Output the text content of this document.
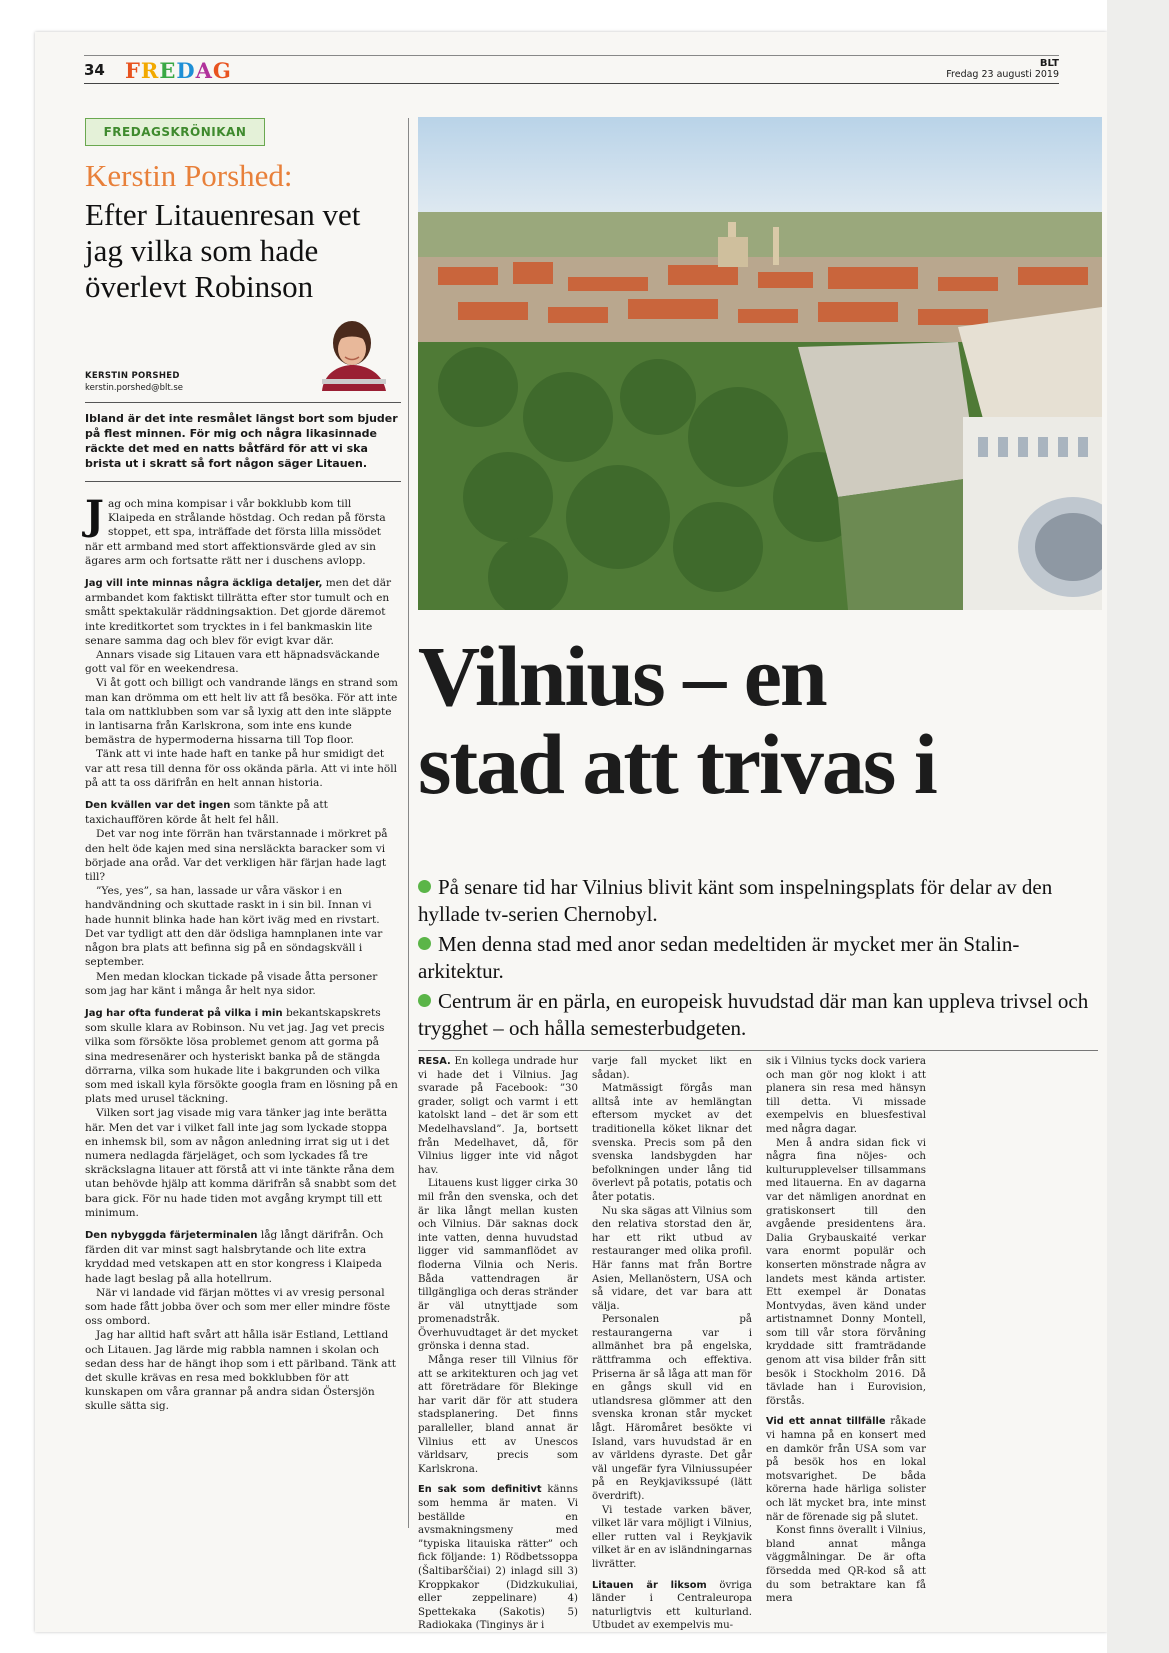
34 FREDAG	BLT
Fredag 23 augusti 2019
FREDAGSKRÖNIKAN
Kerstin Porshed:
Efter Litauenresan vet jag vilka som hade överlevt Robinson
KERSTIN PORSHED
kerstin.porshed@blt.se
Ibland är det inte resmålet längst bort som bjuder på flest minnen. För mig och några likasinnade räckte det med en natts båtfärd för att vi ska brista ut i skratt så fort någon säger Litauen.

Jag och mina kompisar i vår bokklubb kom till Klaipeda en strålande höstdag. Och redan på första stoppet, ett spa, inträffade det första lilla missödet när ett armband med stort affektionsvärde gled av sin ägares arm och fortsatte rätt ner i duschens avlopp.

Jag vill inte minnas några äckliga detaljer, men det där armbandet kom faktiskt tillrätta efter stor tumult och en smått spektakulär räddningsaktion. Det gjorde däremot inte kreditkortet som trycktes in i fel bankmaskin lite senare samma dag och blev för evigt kvar där.

Annars visade sig Litauen vara ett häpnadsväckande gott val för en weekendresa.

Vi åt gott och billigt och vandrande längs en strand som man kan drömma om ett helt liv att få besöka. För att inte tala om nattklubben som var så lyxig att den inte släppte in lantisarna från Karlskrona, som inte ens kunde bemästra de hypermoderna hissarna till Top floor.

Tänk att vi inte hade haft en tanke på hur smidigt det var att resa till denna för oss okända pärla. Att vi inte höll på att ta oss därifrån en helt annan historia.

Den kvällen var det ingen som tänkte på att taxichauffören körde åt helt fel håll.

Det var nog inte förrän han tvärstannade i mörkret på den helt öde kajen med sina nersläckta baracker som vi började ana oråd. Var det verkligen här färjan hade lagt till?

”Yes, yes”, sa han, lassade ur våra väskor i en handvändning och skuttade raskt in i sin bil. Innan vi hade hunnit blinka hade han kört iväg med en rivstart. Det var tydligt att den där ödsliga hamnplanen inte var någon bra plats att befinna sig på en söndagskväll i september.

Men medan klockan tickade på visade åtta personer som jag har känt i många år helt nya sidor.

Jag har ofta funderat på vilka i min bekantskapskrets som skulle klara av Robinson. Nu vet jag. Jag vet precis vilka som försökte lösa problemet genom att gorma på sina medresenärer och hysteriskt banka på de stängda dörrarna, vilka som hukade lite i bakgrunden och vilka som med iskall kyla försökte googla fram en lösning på en plats med urusel täckning.

Vilken sort jag visade mig vara tänker jag inte berätta här. Men det var i vilket fall inte jag som lyckade stoppa en inhemsk bil, som av någon anledning irrat sig ut i det numera nedlagda färjeläget, och som lyckades få tre skräckslagna litauer att förstå att vi inte tänkte råna dem utan behövde hjälp att komma därifrån så snabbt som det bara gick. För nu hade tiden mot avgång krympt till ett minimum.

Den nybyggda färjeterminalen låg långt därifrån. Och färden dit var minst sagt halsbrytande och lite extra kryddad med vetskapen att en stor kongress i Klaipeda hade lagt beslag på alla hotellrum.

När vi landade vid färjan möttes vi av vresig personal som hade fått jobba över och som mer eller mindre föste oss ombord.

Jag har alltid haft svårt att hålla isär Estland, Lettland och Litauen. Jag lärde mig rabbla namnen i skolan och sedan dess har de hängt ihop som i ett pärlband. Tänk att det skulle krävas en resa med bokklubben för att kunskapen om våra grannar på andra sidan Östersjön skulle sätta sig.

Vilnius – en
stad att trivas i
På senare tid har Vilnius blivit känt som inspelningsplats för delar av den hyllade tv-serien Chernobyl.
Men denna stad med anor sedan medeltiden är mycket mer än Stalin-arkitektur.
Centrum är en pärla, en europeisk huvudstad där man kan uppleva trivsel och trygghet – och hålla semesterbudgeten.

RESA. En kollega undrade hur vi hade det i Vilnius. Jag svarade på Facebook: ”30 grader, soligt och varmt i ett katolskt land – det är som ett Medelhavsland”. Ja, bortsett från Medelhavet, då, för Vilnius ligger inte vid något hav.

Litauens kust ligger cirka 30 mil från den svenska, och det är lika långt mellan kusten och Vilnius. Där saknas dock inte vatten, denna huvudstad ligger vid sammanflödet av floderna Vilnia och Neris. Båda vattendragen är tillgängliga och deras stränder är väl utnyttjade som promenadstråk. Överhuvudtaget är det mycket grönska i denna stad.

Många reser till Vilnius för att se arkitekturen och jag vet att företrädare för Blekinge har varit där för att studera stadsplanering. Det finns paralleller, bland annat är Vilnius ett av Unescos världsarv, precis som Karlskrona.

En sak som definitivt känns som hemma är maten. Vi beställde en avsmakningsmeny med ”typiska litauiska rätter” och fick följande: 1) Rödbetssoppa (Šaltibarščiai) 2) inlagd sill 3) Kroppkakor (Didzkukuliai, eller zeppelinare) 4) Spettekaka (Sakotis) 5) Radiokaka (Tinginys är i

varje fall mycket likt en sådan).

Matmässigt förgås man alltså inte av hemlängtan eftersom mycket av det traditionella köket liknar det svenska. Precis som på den svenska landsbygden har befolkningen under lång tid överlevt på potatis, potatis och åter potatis.

Nu ska sägas att Vilnius som den relativa storstad den är, har ett rikt utbud av restauranger med olika profil. Här fanns mat från Bortre Asien, Mellanöstern, USA och så vidare, det var bara att välja.

Personalen på restaurangerna var i allmänhet bra på engelska, rättframma och effektiva. Priserna är så låga att man för en gångs skull vid en utlandsresa glömmer att den svenska kronan står mycket lågt. Häromåret besökte vi Island, vars huvudstad är en av världens dyraste. Det går väl ungefär fyra Vilniussupéer på en Reykjavikssupé (lätt överdrift).

Vi testade varken bäver, vilket lär vara möjligt i Vilnius, eller rutten val i Reykjavik vilket är en av isländningarnas livrätter.

Litauen är liksom övriga länder i Centraleuropa naturligtvis ett kulturland. Utbudet av exempelvis mu-

sik i Vilnius tycks dock variera och man gör nog klokt i att planera sin resa med hänsyn till detta. Vi missade exempelvis en bluesfestival med några dagar.

Men å andra sidan fick vi några fina nöjes- och kulturupplevelser tillsammans med litauerna. En av dagarna var det nämligen anordnat en gratiskonsert till den avgående presidentens ära. Dalia Grybauskaité verkar vara enormt populär och konserten mönstrade några av landets mest kända artister. Ett exempel är Donatas Montvydas, även känd under artistnamnet Donny Montell, som till vår stora förvåning kryddade sitt framträdande genom att visa bilder från sitt besök i Stockholm 2016. Då tävlade han i Eurovision, förstås.

Vid ett annat tillfälle råkade vi hamna på en konsert med en damkör från USA som var på besök hos en lokal motsvarighet. De båda körerna hade härliga solister och lät mycket bra, inte minst när de förenade sig på slutet.

Konst finns överallt i Vilnius, bland annat många väggmålningar. De är ofta försedda med QR-kod så att du som betraktare kan få mera
